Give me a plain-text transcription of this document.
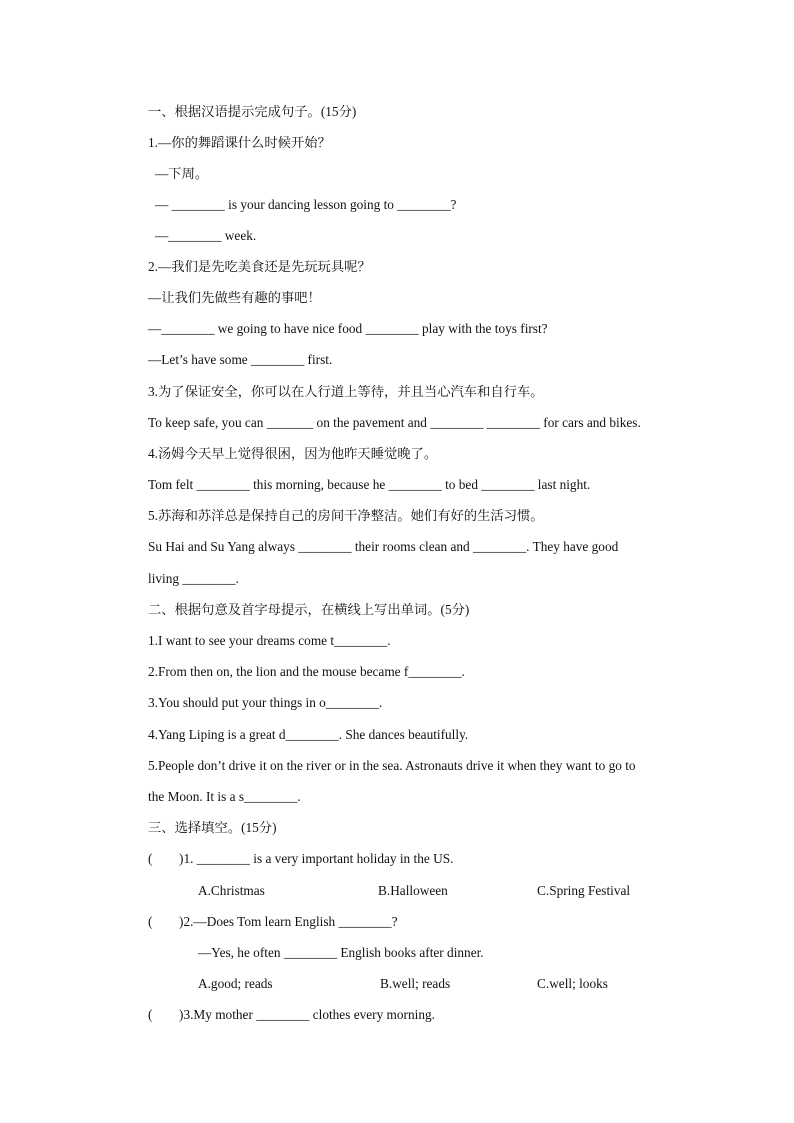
一、根据汉语提示完成句子。(15分)
1.—你的舞蹈课什么时候开始？
—下周。
— ________ is your dancing lesson going to ________?
—________ week.
2.—我们是先吃美食还是先玩玩具呢？
—让我们先做些有趣的事吧！
—________ we going to have nice food ________ play with the toys first?
—Let’s have some ________ first.
3.为了保证安全，你可以在人行道上等待，并且当心汽车和自行车。
To keep safe, you can _______ on the pavement and ________ ________ for cars and bikes.
4.汤姆今天早上觉得很困，因为他昨天睡觉晚了。
Tom felt ________ this morning, because he ________ to bed ________ last night.
5.苏海和苏洋总是保持自己的房间干净整洁。她们有好的生活习惯。
Su Hai and Su Yang always ________ their rooms clean and ________. They have good
living ________.
二、根据句意及首字母提示，在横线上写出单词。(5分)
1.I want to see your dreams come t________.
2.From then on, the lion and the mouse became f________.
3.You should put your things in o________.
4.Yang Liping is a great d________. She dances beautifully.
5.People don’t drive it on the river or in the sea. Astronauts drive it when they want to go to
the Moon. It is a s________.
三、选择填空。(15分)
(        )1. ________ is a very important holiday in the US.
A.Christmas	B.Halloween	C.Spring Festival
(        )2.—Does Tom learn English ________?
—Yes, he often ________ English books after dinner.
A.good; reads	B.well; reads	C.well; looks
(        )3.My mother ________ clothes every morning.
